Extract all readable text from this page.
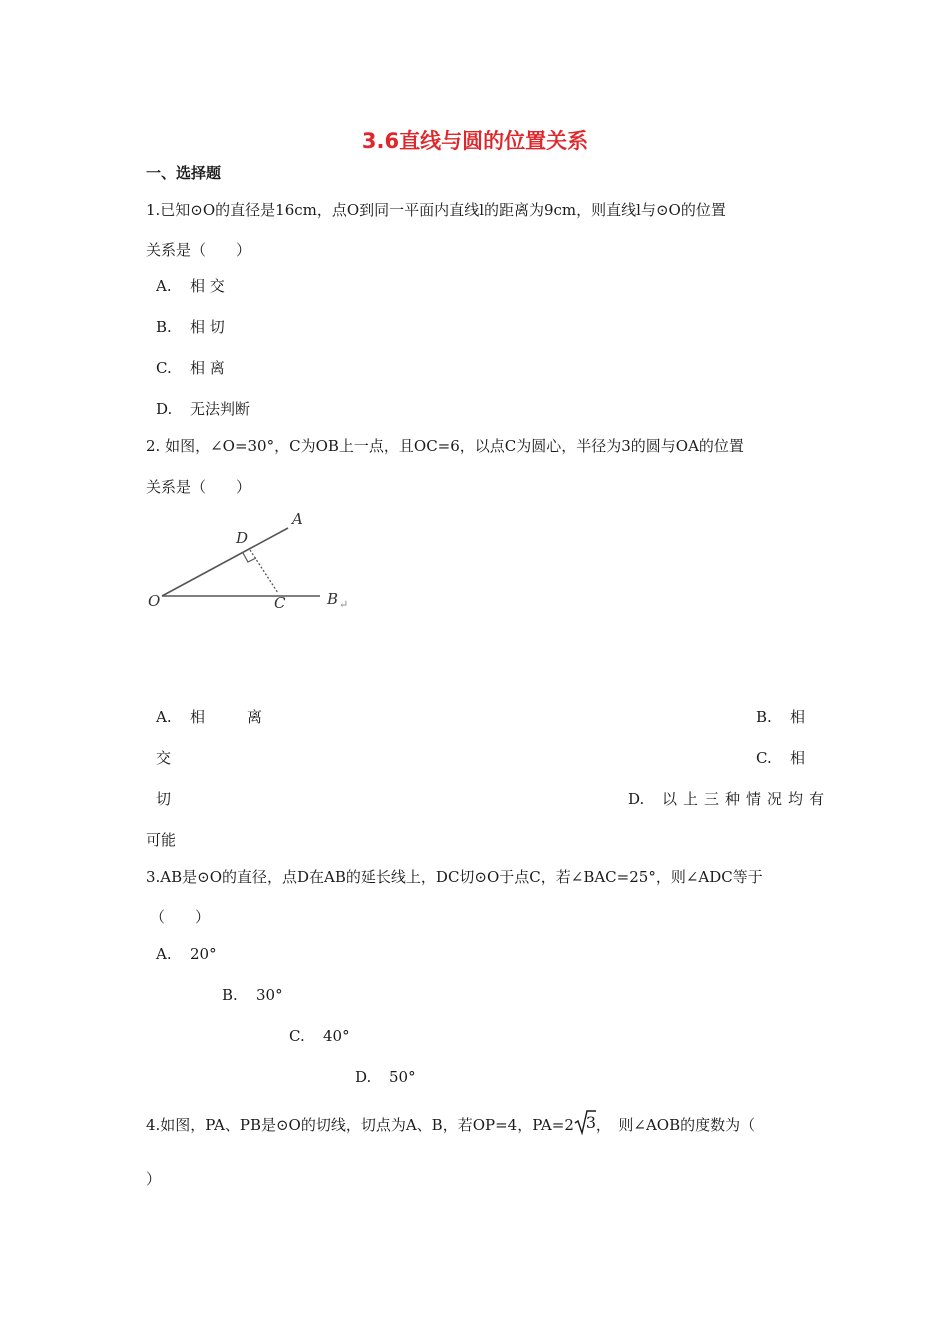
3.6直线与圆的位置关系
一、选择题
1.已知⊙O的直径是16cm，点O到同一平面内直线l的距离为9cm，则直线l与⊙O的位置
关系是（　　）
A. 相 交
B. 相 切
C. 相 离
D. 无法判断
2. 如图，∠O=30°，C为OB上一点，且OC=6，以点C为圆心，半径为3的圆与OA的位置
关系是（　　）
O
D
A
C	B ↵
A. 相	离	B. 相
交	C. 相
切	D. 以上三种情况均有
可能
3.AB是⊙O的直径，点D在AB的延长线上，DC切⊙O于点C，若∠BAC=25°，则∠ADC等于
（　　）
A. 20°
B. 30°
C. 40°
D. 50°
4.如图，PA、PB是⊙O的切线，切点为A、B，若OP=4，PA=2 3 ，　则∠AOB的度数为（
）
